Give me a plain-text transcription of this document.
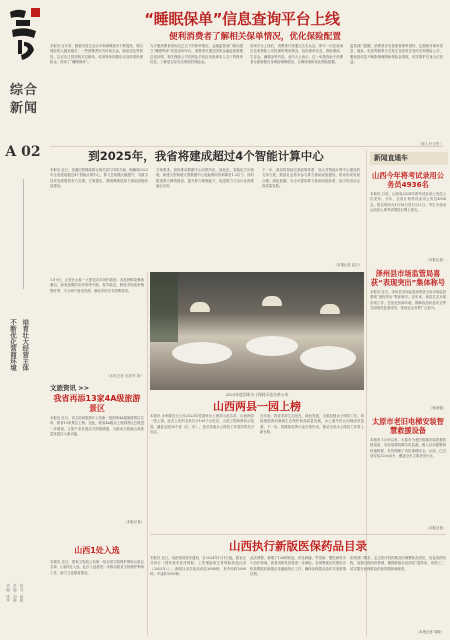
综合新闻
A 02
不断优化营商环境 培育壮大经营主体
责编：张华 美编：刘晓 校对：杨敏
“睡眠保单”信息查询平台上线
便利消费者了解相关保单情况，优化保险配置
本报讯 近年来，随着百姓生活水平和保障意识不断提高，购买保险的人越来越多。一些消费者因为时间久远、地址变化等原因，忘记自己曾经购买过保单，或者保单到期后未及时领取保险金，形成了“睡眠保单”。
为方便消费者查询自己名下的保单情况，金融监管部门推动建立“睡眠保单”信息查询平台。消费者可通过国家金融监督管理总局官网、相关保险公司官网及手机应用查询本人名下的保单信息，了解是否存在未领取的保险金。
查询平台上线后，消费者只需通过实名认证，即可一次性查询在各家保险公司投保的保单情况，包括保单状态、保险期间、生存金、满期金等内容。业内人士表示，这一举措有助于消费者全面掌握自身保险保障情况，合理规划和优化保险配置。
监管部门提醒，消费者应妥善保管保单资料，定期核对保单信息，地址、电话等联系方式发生变化时应及时告知保险公司，避免因信息不畅影响理赔和保险金领取，切实维护自身合法权益。
（据人民日报）
到2025年，我省将建成超过4个智能计算中心
本报讯 近日，省通信管理局联合相关部门印发方案，明确到2025年全省建成超过4个智能计算中心，算力总规模大幅提升，为数字经济发展提供有力支撑。方案提出，要统筹推进算力基础设施布局建设。
方案要求，加快推动数据中心向集约化、绿色化、智能化方向发展，新建大型和超大型数据中心电能利用效率降至1.3以下。同时推进算力网络建设，提升算力调度能力，促进算力与各行业深度融合应用。
下一步，我省将持续完善政策体系，加大对智能计算中心建设的支持力度，鼓励社会资本参与算力基础设施建设，推动形成布局合理、绿色低碳、安全可靠的算力基础设施体系，助力经济社会高质量发展。
（本报记者 赵宇）
新闻直通车
山西今年将考试录用公务员4936名
本报讯 日前，山西省2024年度考试录用公务员公告发布。今年，全省计划考试录用公务员4936名。报名时间为1月16日至1月22日，考生可登录山西省人事考试网进行网上报名。
（本报记者）
泽州县市场监管局喜获“表现突出”集体称号
本报讯 近日，泽州县市场监管局荣获全省市场监管系统“表现突出”集体称号。近年来，该局扎实开展各项工作，在优化营商环境、保障食品药品安全等方面取得显著成效，受到社会各界广泛好评。
（杨普强）
太原市老旧电梯安装智慧救援设备
本报讯 1月份以来，太原市为老旧电梯安装智慧救援设备，实现电梯故障实时监测、困人自动报警和快速救援，有效保障了市民乘梯安全。目前，已完成安装1200余台，覆盖全市主要老旧小区。
（本报记者）
2023年度国家水土保持示范名单公布
山西两县一园上榜
本报讯 水利部近日公布2023年度国家水土保持示范名单，山西两县一园上榜。此次公布的名单共计105个示范县、示范工程和科技示范园，涵盖全国30个省（区、市），是对各地水土保持工作成效的充分肯定。
近年来，我省坚持生态优先、绿色发展，全面加强水土保持工作，持续推进黄河流域生态保护和高质量发展，水土流失综合治理成效显著。下一步，将继续发挥示范引领作用，推动全省水土保持工作再上新台阶。
1月9日，记者在太原一大型花卉市场内看到，各品种鲜花琳琅满目，前来选购的市民络绎不绝。春节临近，鲜花市场迎来销售旺季，不少商户备足货源，满足市民年节消费需求。
（本报记者 闫建军 摄）
文旅资讯 >>
我省再添13家4A级旅游景区
本报讯 近日，省文化和旅游厅公布新一批国家4A级旅游景区名单，我省13家景区上榜。至此，我省4A级以上旅游景区总数进一步增加，文旅产业发展活力持续增强，为推动文旅融合高质量发展注入新动能。
（本报记者）
山西1处入选
本报讯 近日，国家文物局公布第一批全国文物保护利用示范区名单，山西1处入选。此次入选将进一步推动我省文物保护利用工作，助力文化强省建设。
山西执行新版医保药品目录
本报讯 近日，省医保局发布通知，自2024年1月1日起，我省正式执行《国家基本医疗保险、工伤保险和生育保险药品目录（2023年）》。新版目录共收录药品3088种，其中西药1698种、中成药1390种。
此次调整，新增了126种药品，涉及肿瘤、罕见病、慢性病等多个治疗领域，患者用药负担将进一步减轻。各统筹地区医保经办机构要做好新版目录落地执行工作，确保参保群众及时享受政策红利。
医保部门要求，定点医疗机构要及时调整药品供应，优化用药结构，加强合理用药管理，确保新版目录药品“进得来、用得上”，切实提升参保群众的获得感和满意度。
（本报记者 周敏）
